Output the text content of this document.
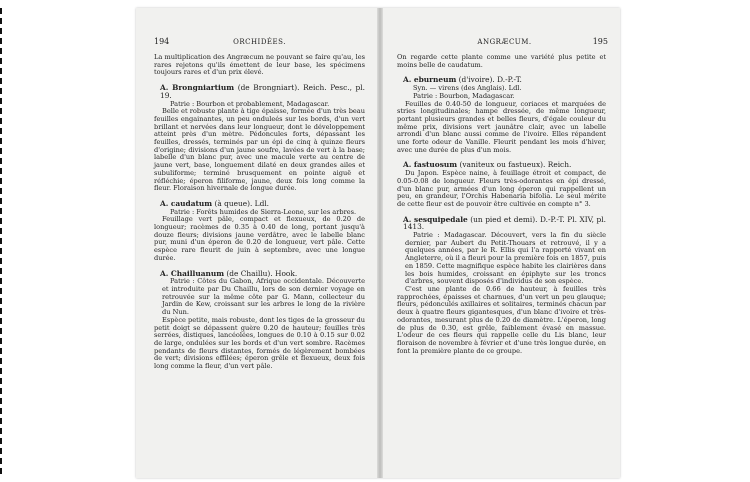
194	ORCHIDÉES.

La multiplication des Angræcum ne pouvant se faire qu'au, les rares rejetons qu'ils émettent de leur base, les spécimens toujours rares et d'un prix élevé.

A. Brongniartium (de Brongniart). Reich. Pesc., pl. 19.

Patrie : Bourbon et probablement, Madagascar.

Belle et robuste plante à tige épaisse, formée d'un très beau feuilles engainantes, un peu onduleés sur les bords, d'un vert brillant et nervées dans leur longueur, dont le développement atteint près d'un mètre. Pédoncules forts, dépassant les feuilles, dressés, terminés par un épi de cinq à quinze fleurs d'origine; divisions d'un jaune soufre, lavées de vert à la base; labelle d'un blanc pur, avec une macule verte au centre de jaune vert, base, longuement dilaté en deux grandes ailes et subuliforme; terminé brusquement en pointe aiguë et réfléchie; éperon filiforme, jaune, deux fois long comme la fleur. Floraison hivernale de longue durée.

A. caudatum (à queue). Ldl.

Patrie : Forêts humides de Sierra-Leone, sur les arbres.

Feuillage vert pâle, compact et flexueux, de 0.20 de longueur; racèmes de 0.35 à 0.40 de long, portant jusqu'à douze fleurs; divisions jaune verdâtre, avec le labelle blanc pur, muni d'un éperon de 0.20 de longueur, vert pâle. Cette espèce rare fleurit de juin à septembre, avec une longue durée.

A. Chailluanum (de Chaillu). Hook.

Patrie : Côtes du Gabon, Afrique occidentale. Découverte et introduite par Du Chaillu, lors de son dernier voyage en retrouvée sur la même côte par G. Mann, collecteur du Jardin de Kew, croissant sur les arbres le long de la rivière du Nun.

Espèce petite, mais robuste, dont les tiges de la grosseur du petit doigt se dépassent guère 0.20 de hauteur; feuilles très serrées, distiques, lancéolées, longues de 0.10 à 0.15 sur 0.02 de large, ondulées sur les bords et d'un vert sombre. Racèmes pendants de fleurs distantes, formés de légèrement bombées de vert; divisions effilées; éperon grêle et flexueux, deux fois long comme la fleur, d'un vert pâle.

ANGRÆCUM.	195

On regarde cette plante comme une variété plus petite et moins belle de caudatum.

A. eburneum (d'ivoire). D.-P.-T.

Syn. — virens (des Anglais). Ldl.

Patrie : Bourbon, Madagascar.

Feuilles de 0.40-50 de longueur, coriaces et marquées de stries longitudinales; hampe dressée, de même longueur, portant plusieurs grandes et belles fleurs, d'égale couleur du même prix, divisions vert jaunâtre clair, avec un labelle arrondi d'un blanc aussi comme de l'ivoire. Elles répandent une forte odeur de Vanille. Fleurit pendant les mois d'hiver, avec une durée de plus d'un mois.

A. fastuosum (vaniteux ou fastueux). Reich.

Du Japon. Espèce naine, à feuillage étroit et compact, de 0.05-0.08 de longueur. Fleurs très-odorantes en épi dressé, d'un blanc pur, armées d'un long éperon qui rappellent un peu, en grandeur, l'Orchis Habenaria bifolia. Le seul mérite de cette fleur est de pouvoir être cultivée en compte n° 3.

A. sesquipedale (un pied et demi). D.-P.-T. Pl. XIV, pl. 1413.

Patrie : Madagascar. Découvert, vers la fin du siècle dernier, par Aubert du Petit-Thouars et retrouvé, il y a quelques années, par le R. Ellis qui l'a rapporté vivant en Angleterre, où il a fleuri pour la première fois en 1857, puis en 1859. Cette magnifique espèce habite les clairières dans les bois humides, croissant en épiphyte sur les troncs d'arbres, souvent disposés d'individus de son espèce.

C'est une plante de 0.66 de hauteur, à feuilles très rapprochées, épaisses et charnues, d'un vert un peu glauque; fleurs, pédonculés axillaires et solitaires, terminés chacun par deux à quatre fleurs gigantesques, d'un blanc d'ivoire et très-odorantes, mesurant plus de 0.20 de diamètre. L'éperon, long de plus de 0.30, est grêle, faiblement évasé en massue. L'odeur de ces fleurs qui rappelle celle du Lis blanc, leur floraison de novembre à février et d'une très longue durée, en font la première plante de ce groupe.
